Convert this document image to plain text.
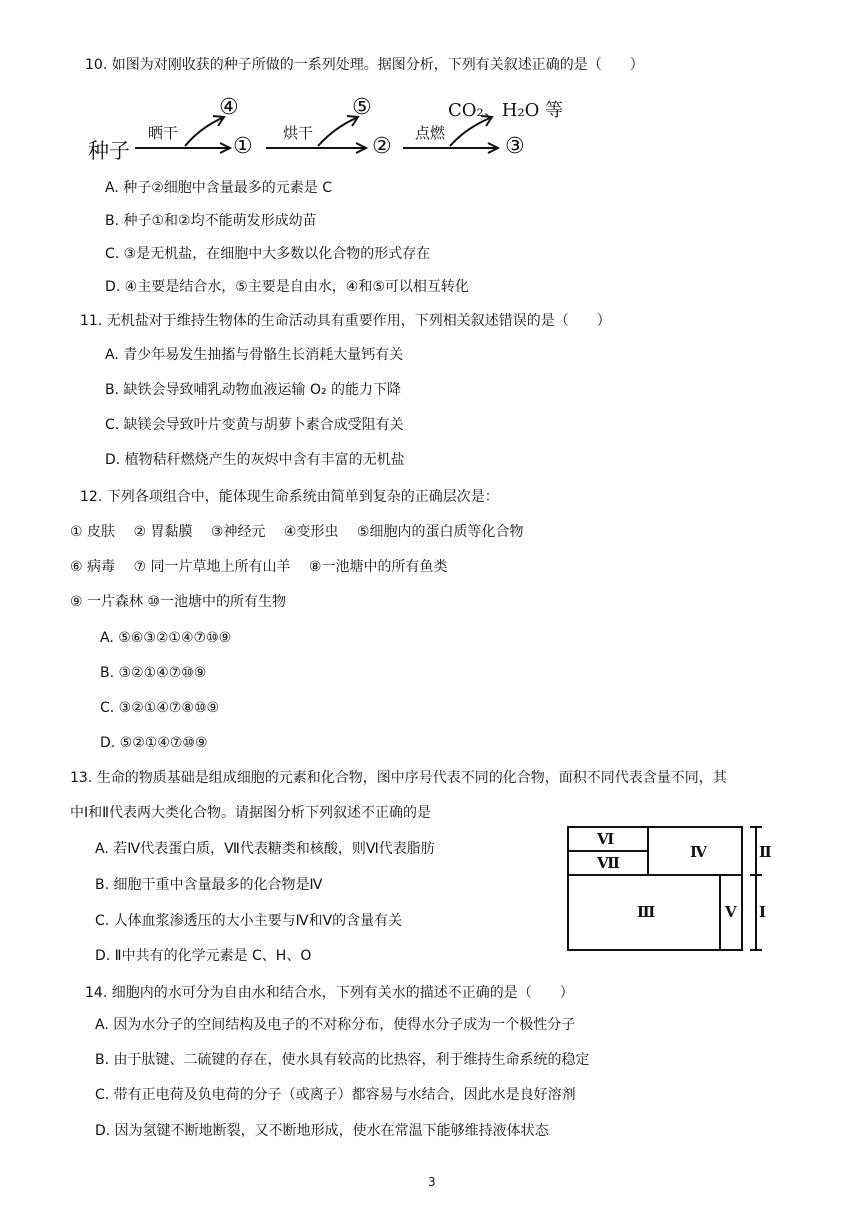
10. 如图为对刚收获的种子所做的一系列处理。据图分析，下列有关叙述正确的是（　　）
种子
晒干
①
④
烘干
②
⑤
点燃
③
CO₂、H₂O 等
A. 种子②细胞中含量最多的元素是 C
B. 种子①和②均不能萌发形成幼苗
C. ③是无机盐，在细胞中大多数以化合物的形式存在
D. ④主要是结合水，⑤主要是自由水，④和⑤可以相互转化
11. 无机盐对于维持生物体的生命活动具有重要作用，下列相关叙述错误的是（　　）
A. 青少年易发生抽搐与骨骼生长消耗大量钙有关
B. 缺铁会导致哺乳动物血液运输 O₂ 的能力下降
C. 缺镁会导致叶片变黄与胡萝卜素合成受阻有关
D. 植物秸秆燃烧产生的灰烬中含有丰富的无机盐
12. 下列各项组合中，能体现生命系统由简单到复杂的正确层次是：
① 皮肤　 ② 胃黏膜　 ③神经元　 ④变形虫　 ⑤细胞内的蛋白质等化合物
⑥ 病毒　 ⑦ 同一片草地上所有山羊　 ⑧一池塘中的所有鱼类
⑨ 一片森林 ⑩一池塘中的所有生物
A. ⑤⑥③②①④⑦⑩⑨
B. ③②①④⑦⑩⑨
C. ③②①④⑦⑧⑩⑨
D. ⑤②①④⑦⑩⑨
13. 生命的物质基础是组成细胞的元素和化合物，图中序号代表不同的化合物，面积不同代表含量不同，其
中Ⅰ和Ⅱ代表两大类化合物。请据图分析下列叙述不正确的是
A. 若Ⅳ代表蛋白质，Ⅶ代表糖类和核酸，则Ⅵ代表脂肪
B. 细胞干重中含量最多的化合物是Ⅳ
C. 人体血浆渗透压的大小主要与Ⅳ和Ⅴ的含量有关
D. Ⅱ中共有的化学元素是 C、H、O
Ⅵ
Ⅶ
Ⅳ
Ⅲ	Ⅴ
Ⅱ
Ⅰ
14. 细胞内的水可分为自由水和结合水，下列有关水的描述不正确的是（　　）
A. 因为水分子的空间结构及电子的不对称分布，使得水分子成为一个极性分子
B. 由于肽键、二硫键的存在，使水具有较高的比热容，利于维持生命系统的稳定
C. 带有正电荷及负电荷的分子（或离子）都容易与水结合，因此水是良好溶剂
D. 因为氢键不断地断裂，又不断地形成，使水在常温下能够维持液体状态
3
